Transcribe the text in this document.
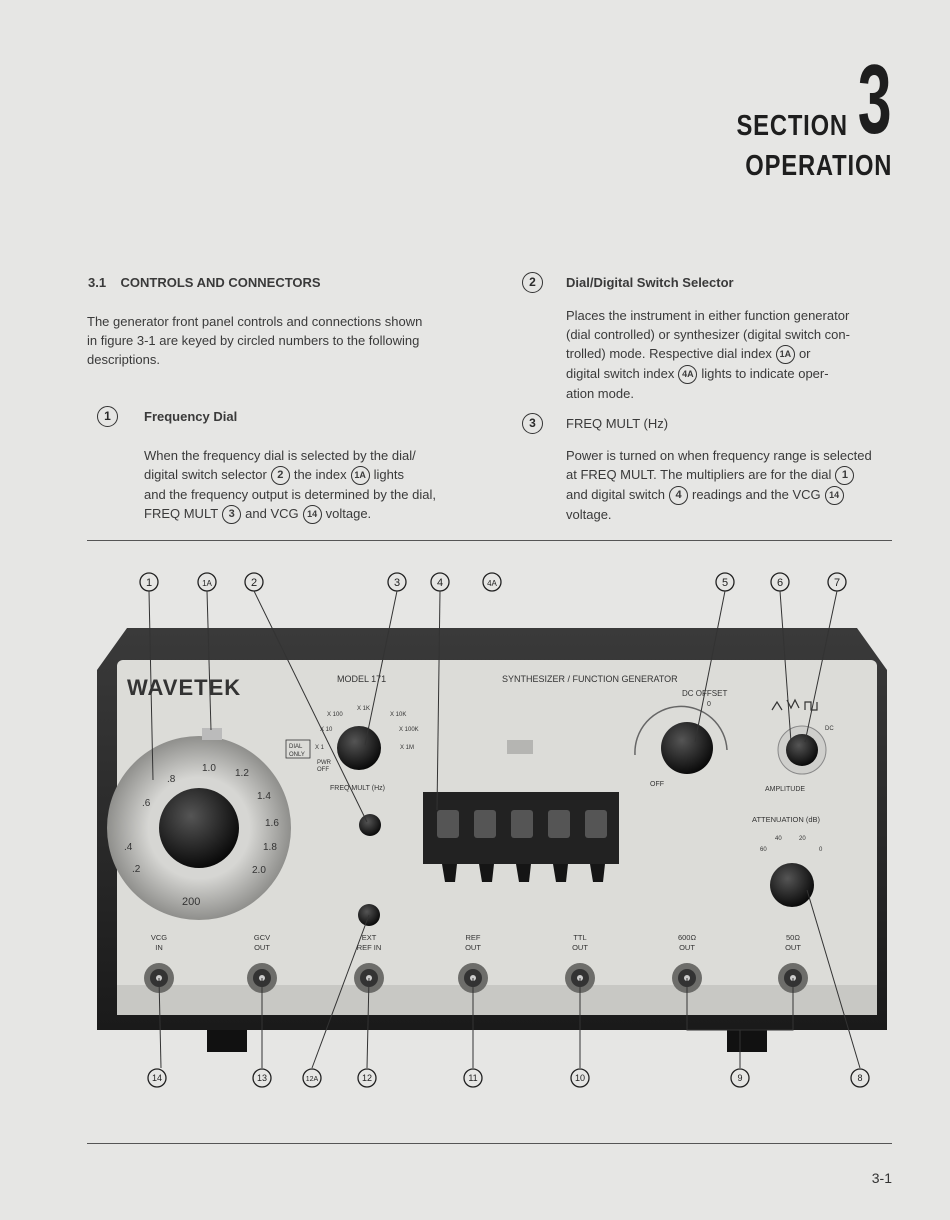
3
SECTION
OPERATION
3.1 CONTROLS AND CONNECTORS
The generator front panel controls and connections shown
in figure 3-1 are keyed by circled numbers to the following
descriptions.
1	Frequency Dial
When the frequency dial is selected by the dial/
digital switch selector 2 the index 1A lights
and the frequency output is determined by the dial,
FREQ MULT 3 and VCG 14 voltage.
2	Dial/Digital Switch Selector
Places the instrument in either function generator
(dial controlled) or synthesizer (digital switch con-
trolled) mode. Respective dial index 1A or
digital switch index 4A lights to indicate oper-
ation mode.
3	FREQ MULT (Hz)
Power is turned on when frequency range is selected
at FREQ MULT. The multipliers are for the dial 1
and digital switch 4 readings and the VCG 14
voltage.
1	1A	2	3	4	4A	5	6	7
WAVETEK	MODEL 171	SYNTHESIZER / FUNCTION GENERATOR
DC OFFSET
0
OFF
AMPLITUDE
DC
ATTENUATION (dB)
60
40	20
0
DIAL
ONLY
FREQ MULT (Hz)
X 100
X 1K
X 10K
X 100K
X 1M
X 10
X 1
PWR
OFF
.4
.6
.8
1.0 1.2
1.4
1.6
1.8
2.0
.2
200
VCG
IN
GCV
OUT
EXT
REF IN
REF
OUT
TTL
OUT
600Ω
OUT
50Ω
OUT
14	13	12A	12	11	10	9	8
3-1
